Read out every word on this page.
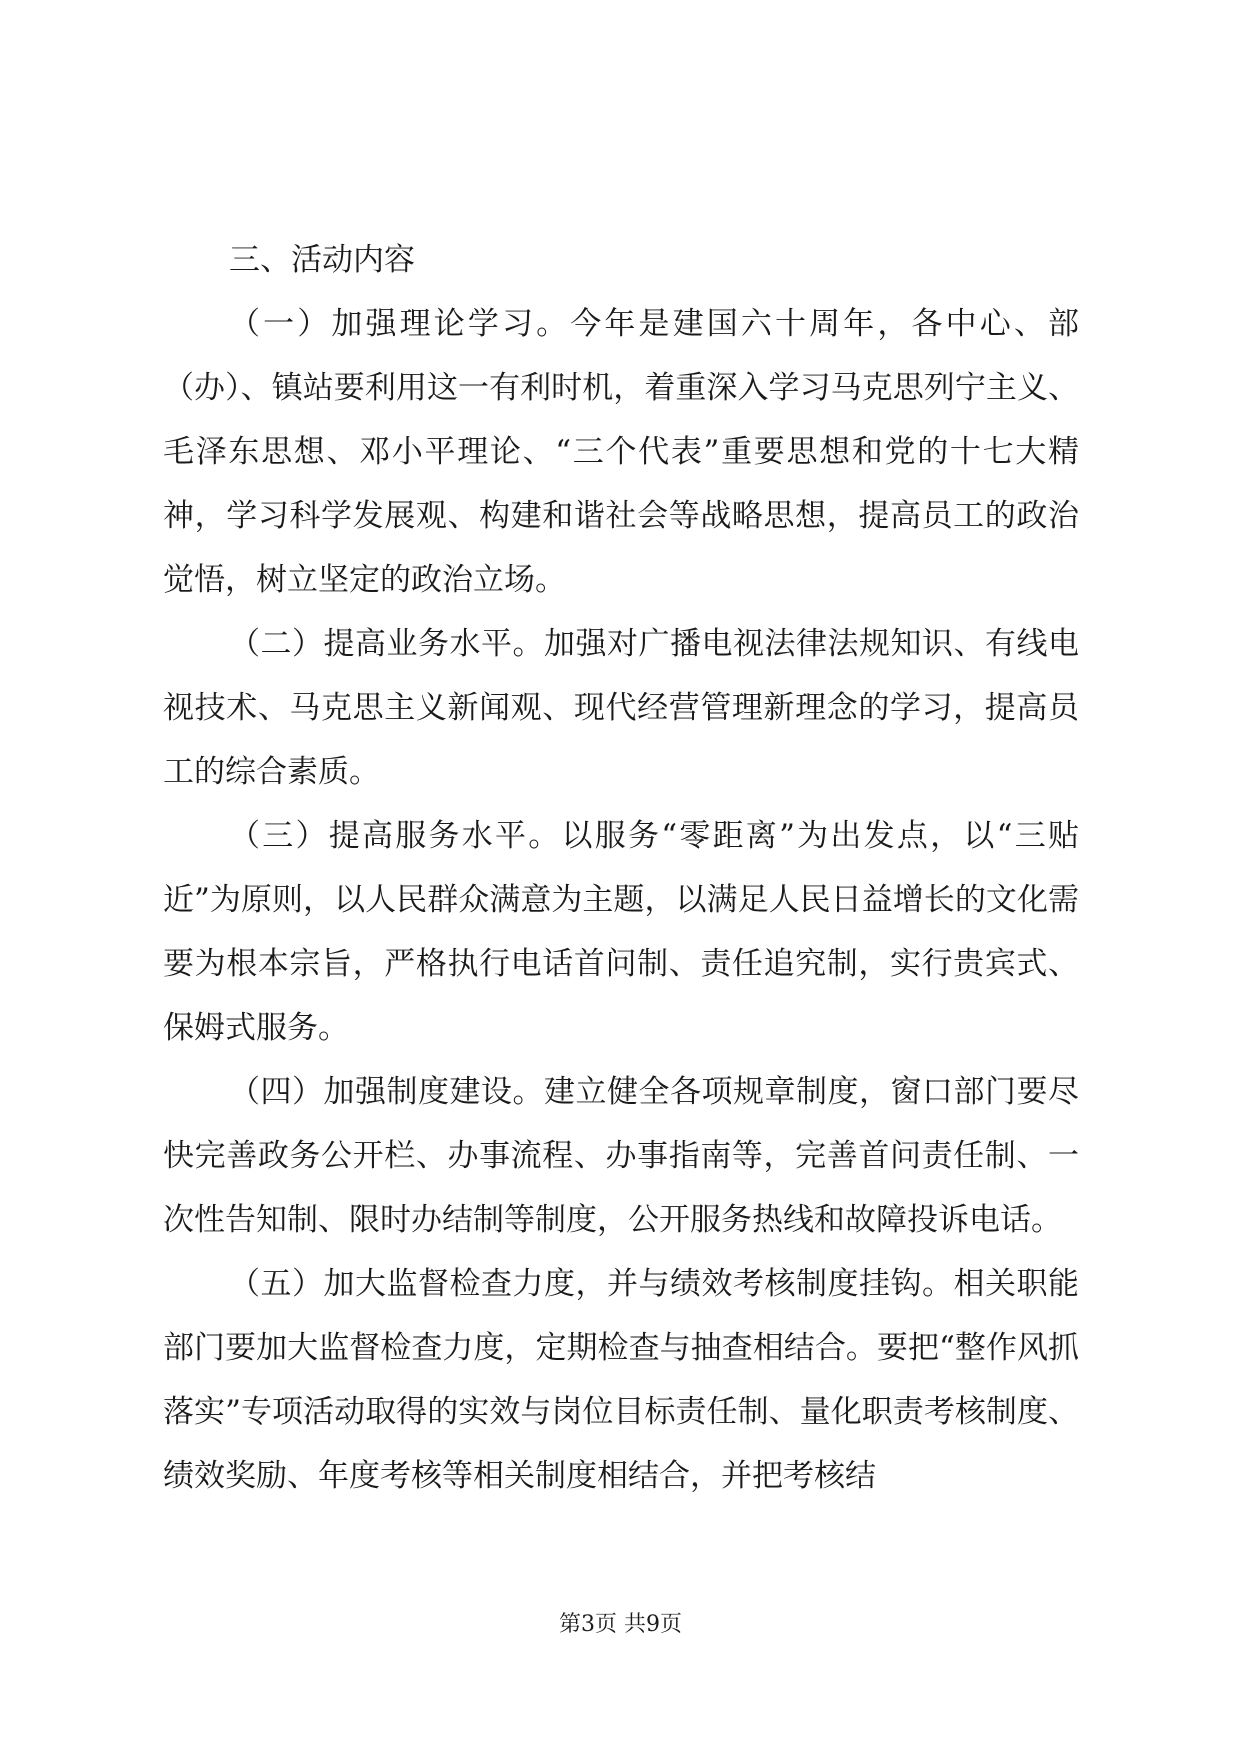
三、活动内容

（一）加强理论学习。今年是建国六十周年，各中心、部（办）、镇站要利用这一有利时机，着重深入学习马克思列宁主义、毛泽东思想、邓小平理论、“三个代表”重要思想和党的十七大精神，学习科学发展观、构建和谐社会等战略思想，提高员工的政治觉悟，树立坚定的政治立场。

（二）提高业务水平。加强对广播电视法律法规知识、有线电视技术、马克思主义新闻观、现代经营管理新理念的学习，提高员工的综合素质。

（三）提高服务水平。以服务“零距离”为出发点，以“三贴近”为原则，以人民群众满意为主题，以满足人民日益增长的文化需要为根本宗旨，严格执行电话首问制、责任追究制，实行贵宾式、保姆式服务。

（四）加强制度建设。建立健全各项规章制度，窗口部门要尽快完善政务公开栏、办事流程、办事指南等，完善首问责任制、一次性告知制、限时办结制等制度，公开服务热线和故障投诉电话。

（五）加大监督检查力度，并与绩效考核制度挂钩。相关职能部门要加大监督检查力度，定期检查与抽查相结合。要把“整作风抓落实”专项活动取得的实效与岗位目标责任制、量化职责考核制度、绩效奖励、年度考核等相关制度相结合，并把考核结

第3页 共9页
